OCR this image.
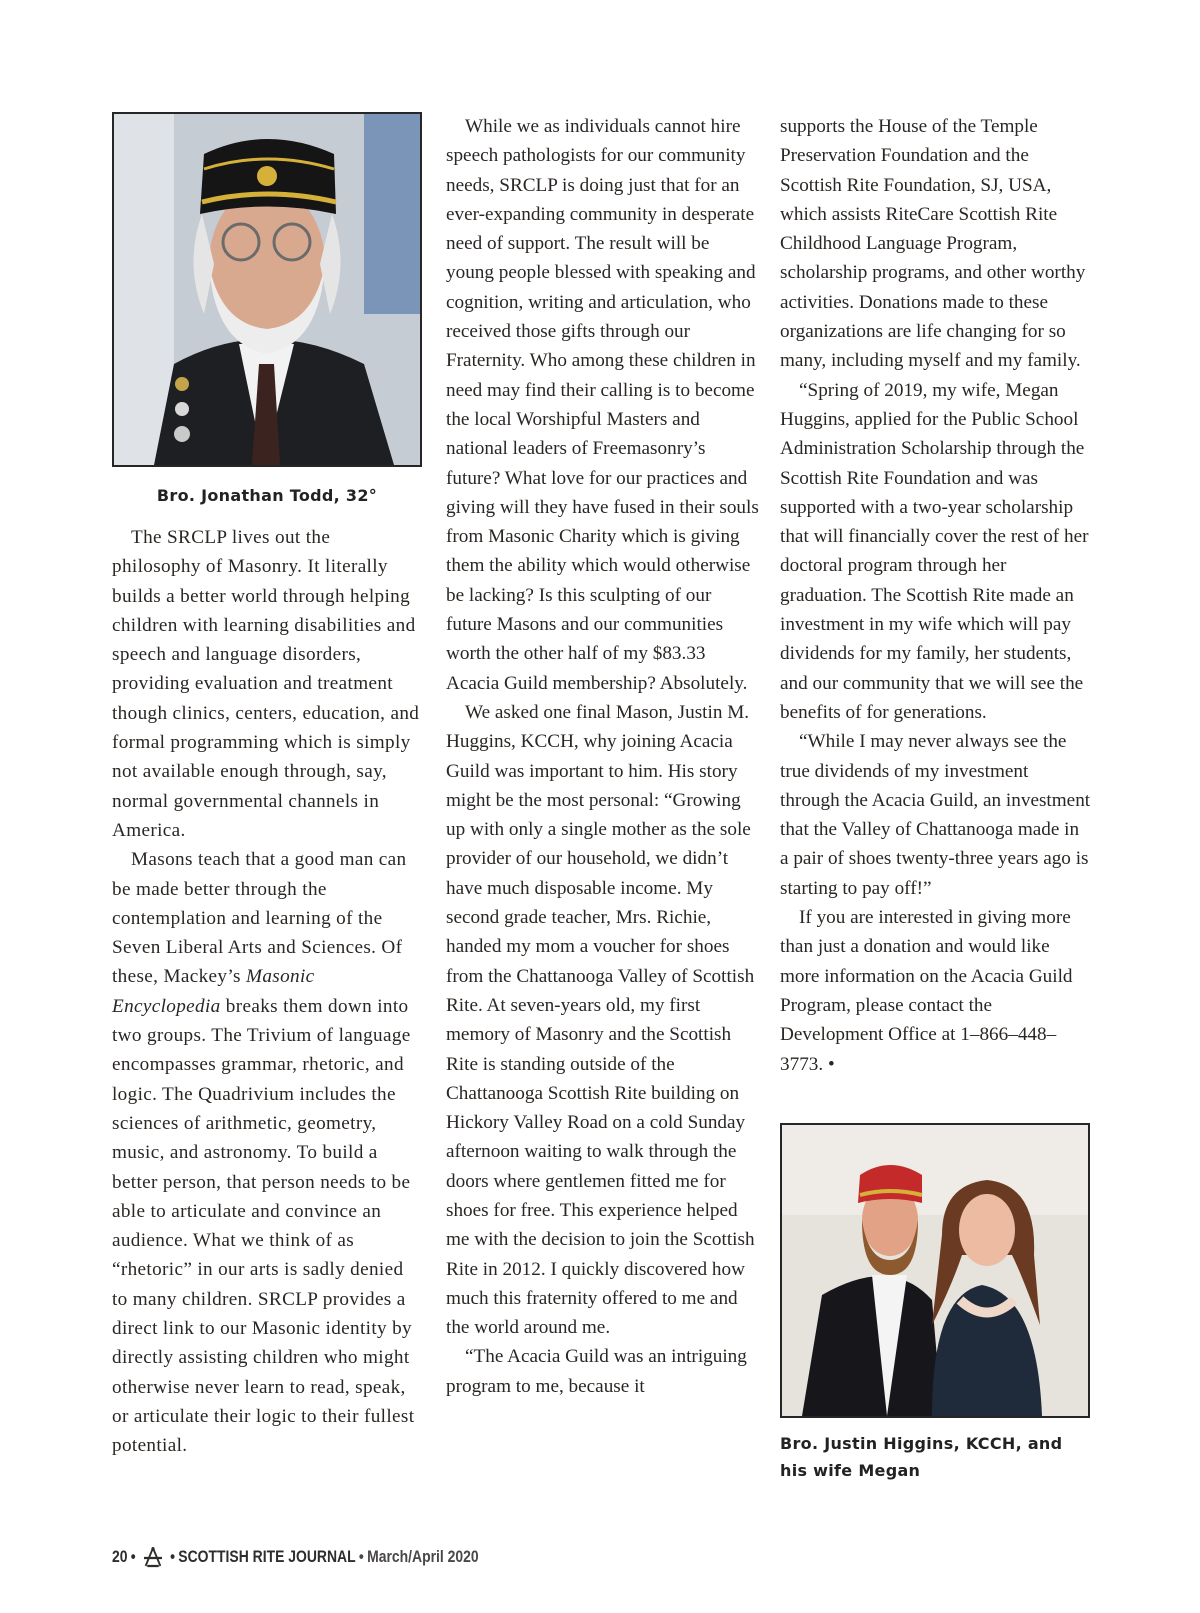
Bro. Jonathan Todd, 32°

The SRCLP lives out the philosophy of Masonry. It literally builds a better world through helping children with learning disabilities and speech and language disorders, providing evaluation and treatment though clinics, centers, education, and formal programming which is simply not available enough through, say, normal governmental channels in America.

Masons teach that a good man can be made better through the contemplation and learning of the Seven Liberal Arts and Sciences. Of these, Mackey’s Masonic Encyclopedia breaks them down into two groups. The Trivium of language encompasses grammar, rhetoric, and logic. The Quadrivium includes the sciences of arithmetic, geometry, music, and astronomy. To build a better person, that person needs to be able to articulate and convince an audience. What we think of as “rhetoric” in our arts is sadly denied to many children. SRCLP provides a direct link to our Masonic identity by directly assisting children who might otherwise never learn to read, speak, or articulate their logic to their fullest potential.

While we as individuals cannot hire speech pathologists for our community needs, SRCLP is doing just that for an ever-expanding community in desperate need of support. The result will be young people blessed with speaking and cognition, writing and articulation, who received those gifts through our Fraternity. Who among these children in need may find their calling is to become the local Worshipful Masters and national leaders of Freemasonry’s future? What love for our practices and giving will they have fused in their souls from Masonic Charity which is giving them the ability which would otherwise be lacking? Is this sculpting of our future Masons and our communities worth the other half of my $83.33 Acacia Guild membership? Absolutely.

We asked one final Mason, Justin M. Huggins, KCCH, why joining Acacia Guild was important to him. His story might be the most personal: “Growing up with only a single mother as the sole provider of our household, we didn’t have much disposable income. My second grade teacher, Mrs. Richie, handed my mom a voucher for shoes from the Chattanooga Valley of Scottish Rite. At seven-years old, my first memory of Masonry and the Scottish Rite is standing outside of the Chattanooga Scottish Rite building on Hickory Valley Road on a cold Sunday afternoon waiting to walk through the doors where gentlemen fitted me for shoes for free. This experience helped me with the decision to join the Scottish Rite in 2012. I quickly discovered how much this fraternity offered to me and the world around me.

“The Acacia Guild was an intriguing program to me, because it

supports the House of the Temple Preservation Foundation and the Scottish Rite Foundation, SJ, USA, which assists RiteCare Scottish Rite Childhood Language Program, scholarship programs, and other worthy activities. Donations made to these organizations are life changing for so many, including myself and my family.

“Spring of 2019, my wife, Megan Huggins, applied for the Public School Administration Scholarship through the Scottish Rite Foundation and was supported with a two-year scholarship that will financially cover the rest of her doctoral program through her graduation. The Scottish Rite made an investment in my wife which will pay dividends for my family, her students, and our community that we will see the benefits of for generations.

“While I may never always see the true dividends of my investment through the Acacia Guild, an investment that the Valley of Chattanooga made in a pair of shoes twenty-three years ago is starting to pay off!”

If you are interested in giving more than just a donation and would like more information on the Acacia Guild Program, please contact the Development Office at 1–866–448–3773. •

Bro. Justin Higgins, KCCH, and his wife Megan
20 • • SCOTTISH RITE JOURNAL • March/April 2020
